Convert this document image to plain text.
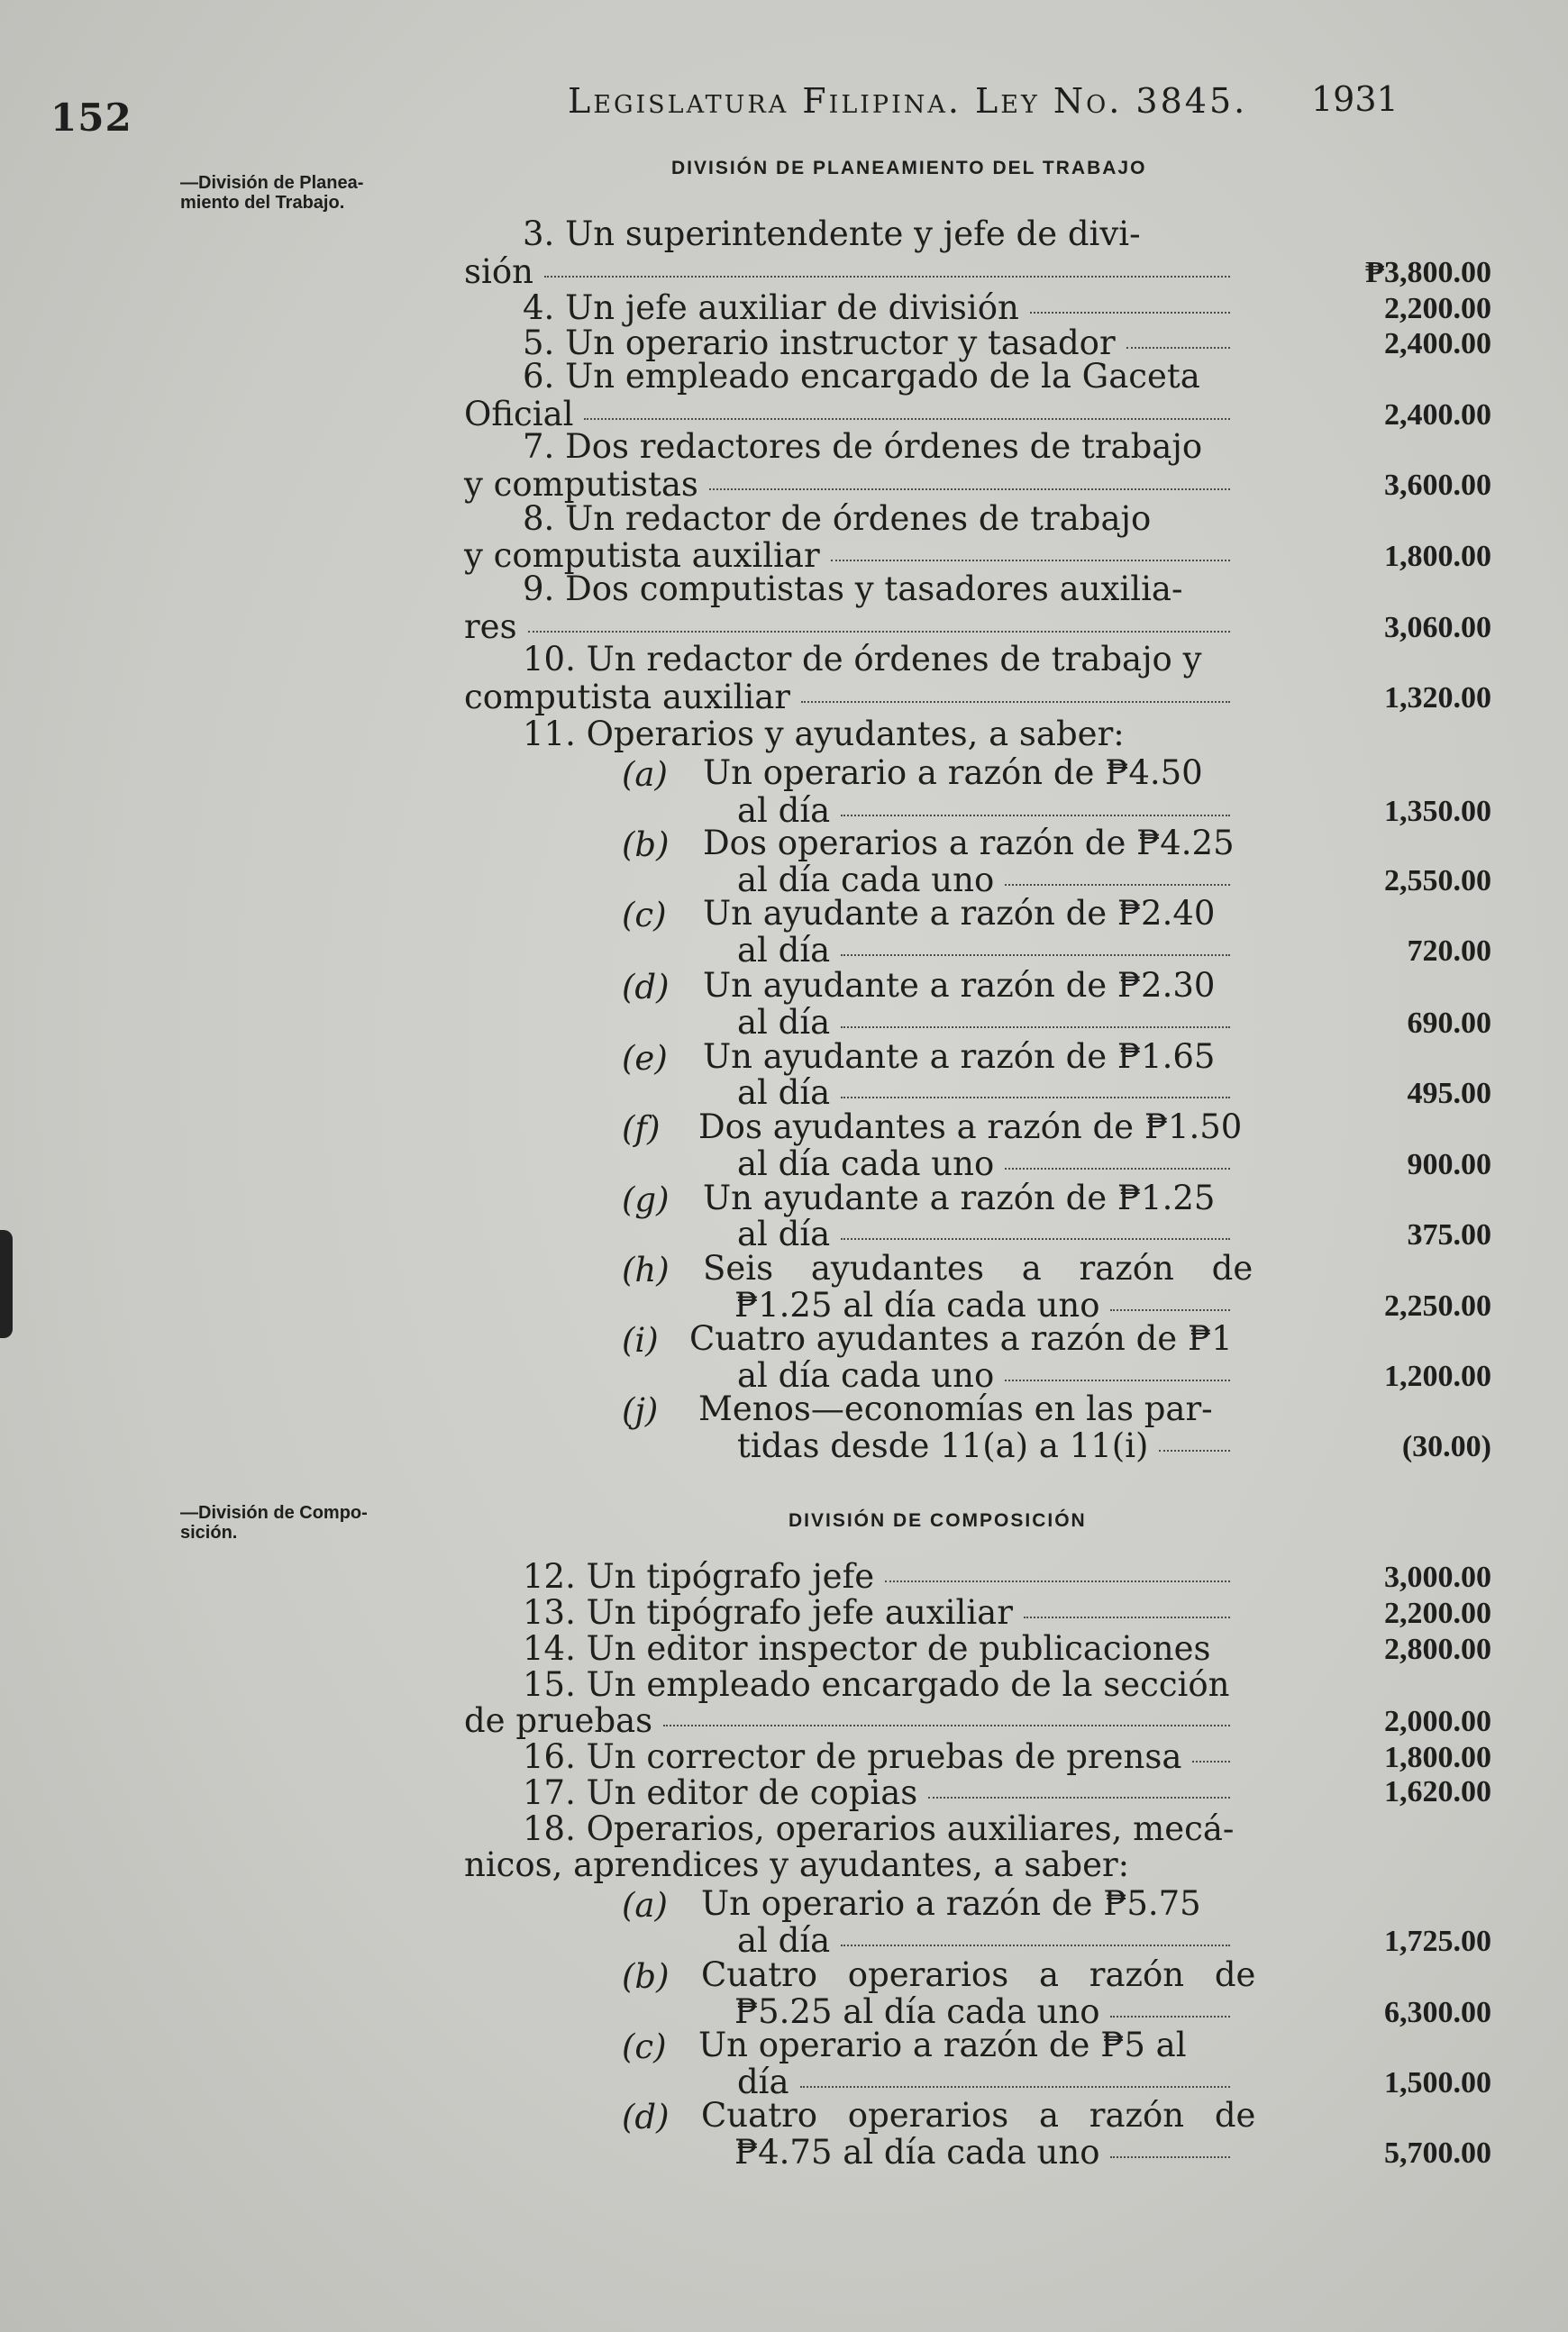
152	Legislatura Filipina. Ley No. 3845. 1931
—División de Planea-
miento del Trabajo.
—División de Compo-
sición.
DIVISIÓN DE PLANEAMIENTO DEL TRABAJO
DIVISIÓN DE COMPOSICIÓN
3. Un superintendente y jefe de divi-
sión
4. Un jefe auxiliar de división
5. Un operario instructor y tasador
6. Un empleado encargado de la Gaceta
Oficial
7. Dos redactores de órdenes de trabajo
y computistas
8. Un redactor de órdenes de trabajo
y computista auxiliar
9. Dos computistas y tasadores auxilia-
res
10. Un redactor de órdenes de trabajo y
computista auxiliar
11. Operarios y ayudantes, a saber:
(a) Un operario a razón de ₱4.50
al día
(b) Dos operarios a razón de ₱4.25
al día cada uno
(c) Un ayudante a razón de ₱2.40
al día
(d) Un ayudante a razón de ₱2.30
al día
(e) Un ayudante a razón de ₱1.65
al día
(f) Dos ayudantes a razón de ₱1.50
al día cada uno
(g) Un ayudante a razón de ₱1.25
al día
(h) Seis ayudantes a razón de
₱1.25 al día cada uno
(i) Cuatro ayudantes a razón de ₱1
al día cada uno
(j) Menos—economías en las par-
tidas desde 11(a) a 11(i)
12. Un tipógrafo jefe
13. Un tipógrafo jefe auxiliar
14. Un editor inspector de publicaciones
15. Un empleado encargado de la sección
de pruebas
16. Un corrector de pruebas de prensa
17. Un editor de copias
18. Operarios, operarios auxiliares, mecá-
nicos, aprendices y ayudantes, a saber:
(a) Un operario a razón de ₱5.75
al día
(b) Cuatro operarios a razón de
₱5.25 al día cada uno
(c) Un operario a razón de ₱5 al
día
(d) Cuatro operarios a razón de
₱4.75 al día cada uno
₱3,800.00
2,200.00
2,400.00
2,400.00
3,600.00
1,800.00
3,060.00
1,320.00
1,350.00
2,550.00
720.00
690.00
495.00
900.00
375.00
2,250.00
1,200.00
(30.00)
3,000.00
2,200.00
2,800.00
2,000.00
1,800.00
1,620.00
1,725.00
6,300.00
1,500.00
5,700.00
